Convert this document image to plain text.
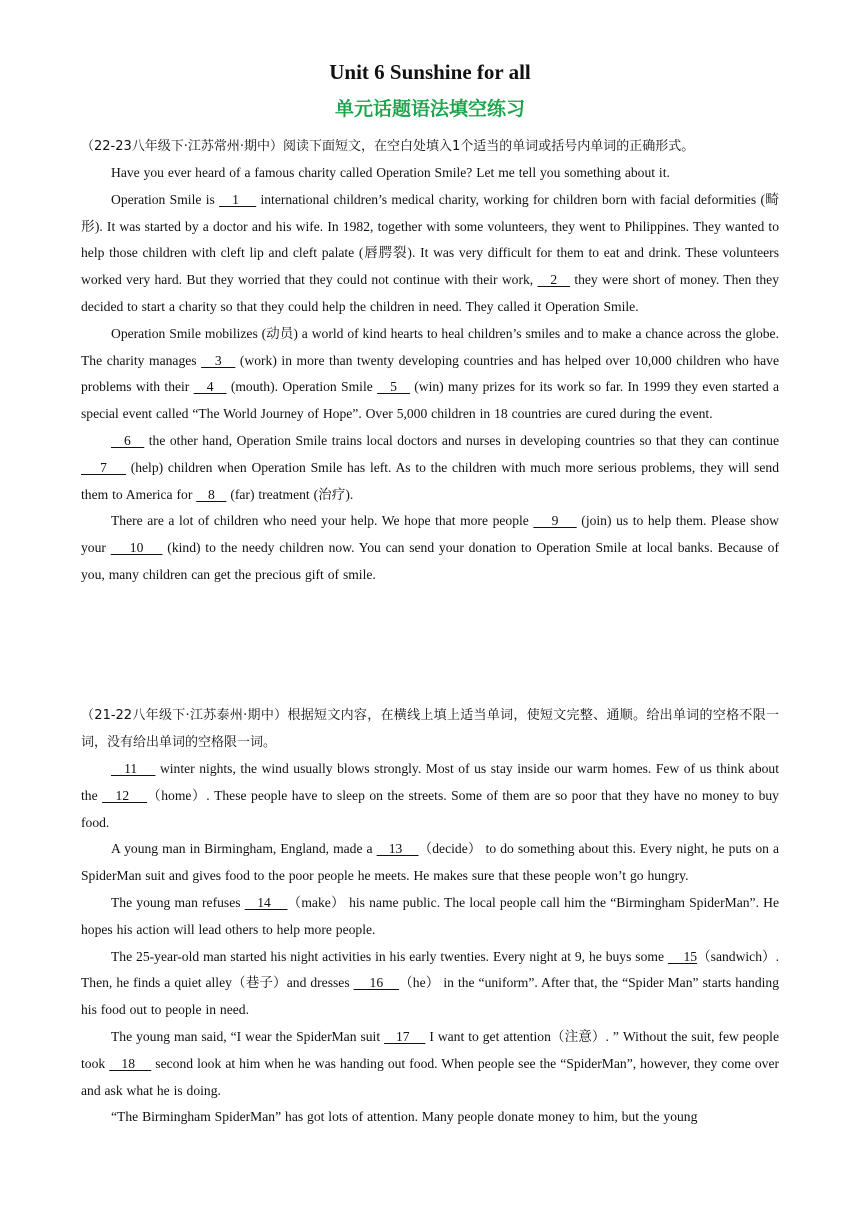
Unit 6 Sunshine for all
单元话题语法填空练习

（22-23八年级下·江苏常州·期中）阅读下面短文，在空白处填入1个适当的单词或括号内单词的正确形式。

Have you ever heard of a famous charity called Operation Smile? Let me tell you something about it.

Operation Smile is    1     international children’s medical charity, working for children born with facial deformities (畸形). It was started by a doctor and his wife. In 1982, together with some volunteers, they went to Philippines. They wanted to help those children with cleft lip and cleft palate (唇腭裂). It was very difficult for them to eat and drink. These volunteers worked very hard. But they worried that they could not continue with their work,    2    they were short of money. Then they decided to start a charity so that they could help the children in need. They called it Operation Smile.

Operation Smile mobilizes (动员) a world of kind hearts to heal children’s smiles and to make a chance across the globe. The charity manages    3    (work) in more than twenty developing countries and has helped over 10,000 children who have problems with their    4    (mouth). Operation Smile    5    (win) many prizes for its work so far. In 1999 they even started a special event called “The World Journey of Hope”. Over 5,000 children in 18 countries are cured during the event.

6    the other hand, Operation Smile trains local doctors and nurses in developing countries so that they can continue     7     (help) children when Operation Smile has left. As to the children with much more serious problems, they will send them to America for    8    (far) treatment (治疗).

There are a lot of children who need your help. We hope that more people     9     (join) us to help them. Please show your     10     (kind) to the needy children now. You can send your donation to Operation Smile at local banks. Because of you, many children can get the precious gift of smile.

（21-22八年级下·江苏泰州·期中）根据短文内容，在横线上填上适当单词，使短文完整、通顺。给出单词的空格不限一词，没有给出单词的空格限一词。

11     winter nights, the wind usually blows strongly. Most of us stay inside our warm homes. Few of us think about the    12    （home）. These people have to sleep on the streets. Some of them are so poor that they have no money to buy food.

A young man in Birmingham, England, made a    13    （decide） to do something about this. Every night, he puts on a SpiderMan suit and gives food to the poor people he meets. He makes sure that these people won’t go hungry.

The young man refuses    14    （make） his name public. The local people call him the “Birmingham SpiderMan”. He hopes his action will lead others to help more people.

The 25-year-old man started his night activities in his early twenties. Every night at 9, he buys some     15（sandwich）. Then, he finds a quiet alley（巷子）and dresses     16    （he） in the “uniform”. After that, the “Spider Man” starts handing his food out to people in need.

The young man said, “I wear the SpiderMan suit    17     I want to get attention（注意）. ” Without the suit, few people took    18     second look at him when he was handing out food. When people see the “SpiderMan”, however, they come over and ask what he is doing.

“The Birmingham SpiderMan” has got lots of attention. Many people donate money to him, but the young
